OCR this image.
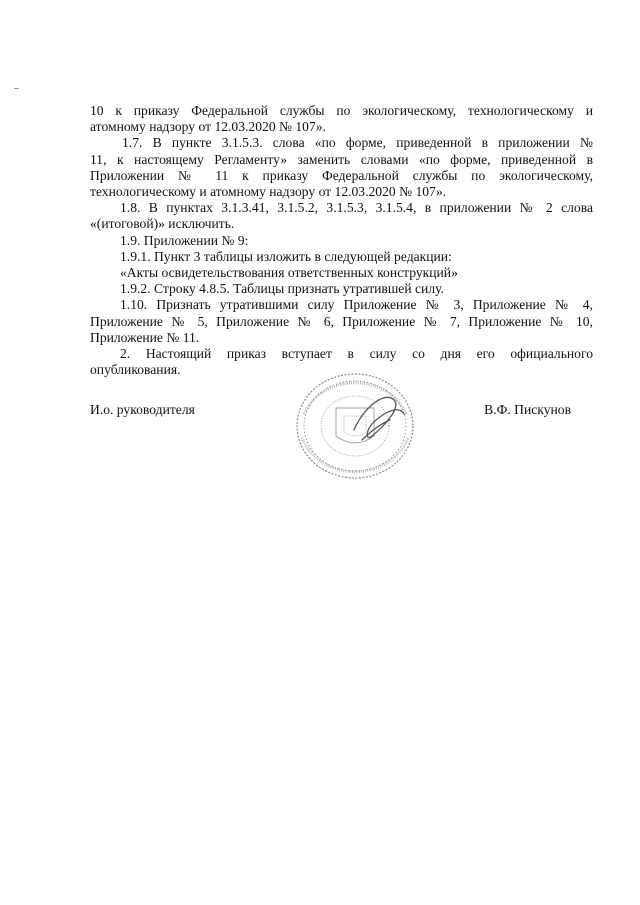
10 к приказу Федеральной службы по экологическому, технологическому и

атомному надзору от 12.03.2020 № 107».

1.7. В пункте 3.1.5.3. слова «по форме, приведенной в приложении №

11, к настоящему Регламенту» заменить словами «по форме, приведенной в

Приложении № 11 к приказу Федеральной службы по экологическому,

технологическому и атомному надзору от 12.03.2020 № 107».

1.8. В пунктах 3.1.3.41, 3.1.5.2, 3.1.5.3, 3.1.5.4, в приложении № 2 слова

«(итоговой)» исключить.

1.9. Приложении № 9:

1.9.1. Пункт 3 таблицы изложить в следующей редакции:

«Акты освидетельствования ответственных конструкций»

1.9.2. Строку 4.8.5. Таблицы признать утратившей силу.

1.10. Признать утратившими силу Приложение № 3, Приложение № 4,

Приложение № 5, Приложение № 6, Приложение № 7, Приложение № 10,

Приложение № 11.

2. Настоящий приказ вступает в силу со дня его официального

опубликования.

И.о. руководителя	В.Ф. Пискунов
